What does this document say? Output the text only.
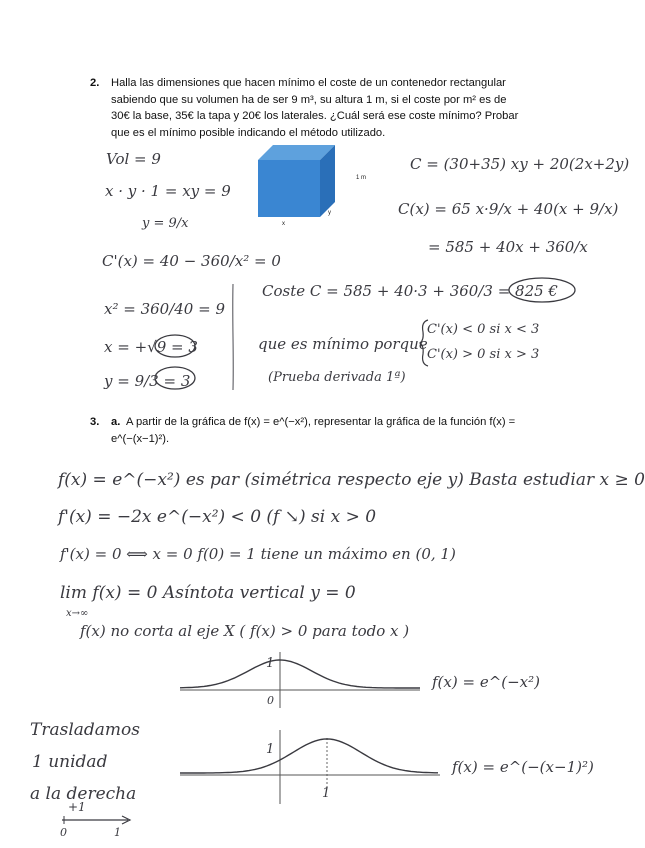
2. Halla las dimensiones que hacen mínimo el coste de un contenedor rectangular
sabiendo que su volumen ha de ser 9 m³, su altura 1 m, si el coste por m² es de
30€ la base, 35€ la tapa y 20€ los laterales. ¿Cuál será ese coste mínimo? Probar
que es el mínimo posible indicando el método utilizado.
1 m
x
y
Vol = 9
x · y · 1 = xy = 9
y = 9/x
C'(x) = 40 − 360/x² = 0
x² = 360/40 = 9
x = +√9 = 3
y = 9/3 = 3
C = (30+35) xy + 20(2x+2y)
C(x) = 65 x·9/x + 40(x + 9/x)
= 585 + 40x + 360/x
Coste C = 585 + 40·3 + 360/3 = 825 €
C'(x) < 0 si x < 3
C'(x) > 0 si x > 3
que es mínimo porque
(Prueba derivada 1ª)
3. a. A partir de la gráfica de f(x) = e^(−x²), representar la gráfica de la función f(x) =
e^(−(x−1)²).
f(x) = e^(−x²) es par (simétrica respecto eje y) Basta estudiar x ≥ 0
f'(x) = −2x e^(−x²) < 0 (f ↘) si x > 0
f'(x) = 0 ⟺ x = 0 f(0) = 1 tiene un máximo en (0, 1)
lim f(x) = 0 Asíntota vertical y = 0
x→∞
f(x) no corta al eje X ( f(x) > 0 para todo x )
1
0
f(x) = e^(−x²)
1
1
f(x) = e^(−(x−1)²)
Trasladamos
1 unidad
a la derecha
+1
0	1
